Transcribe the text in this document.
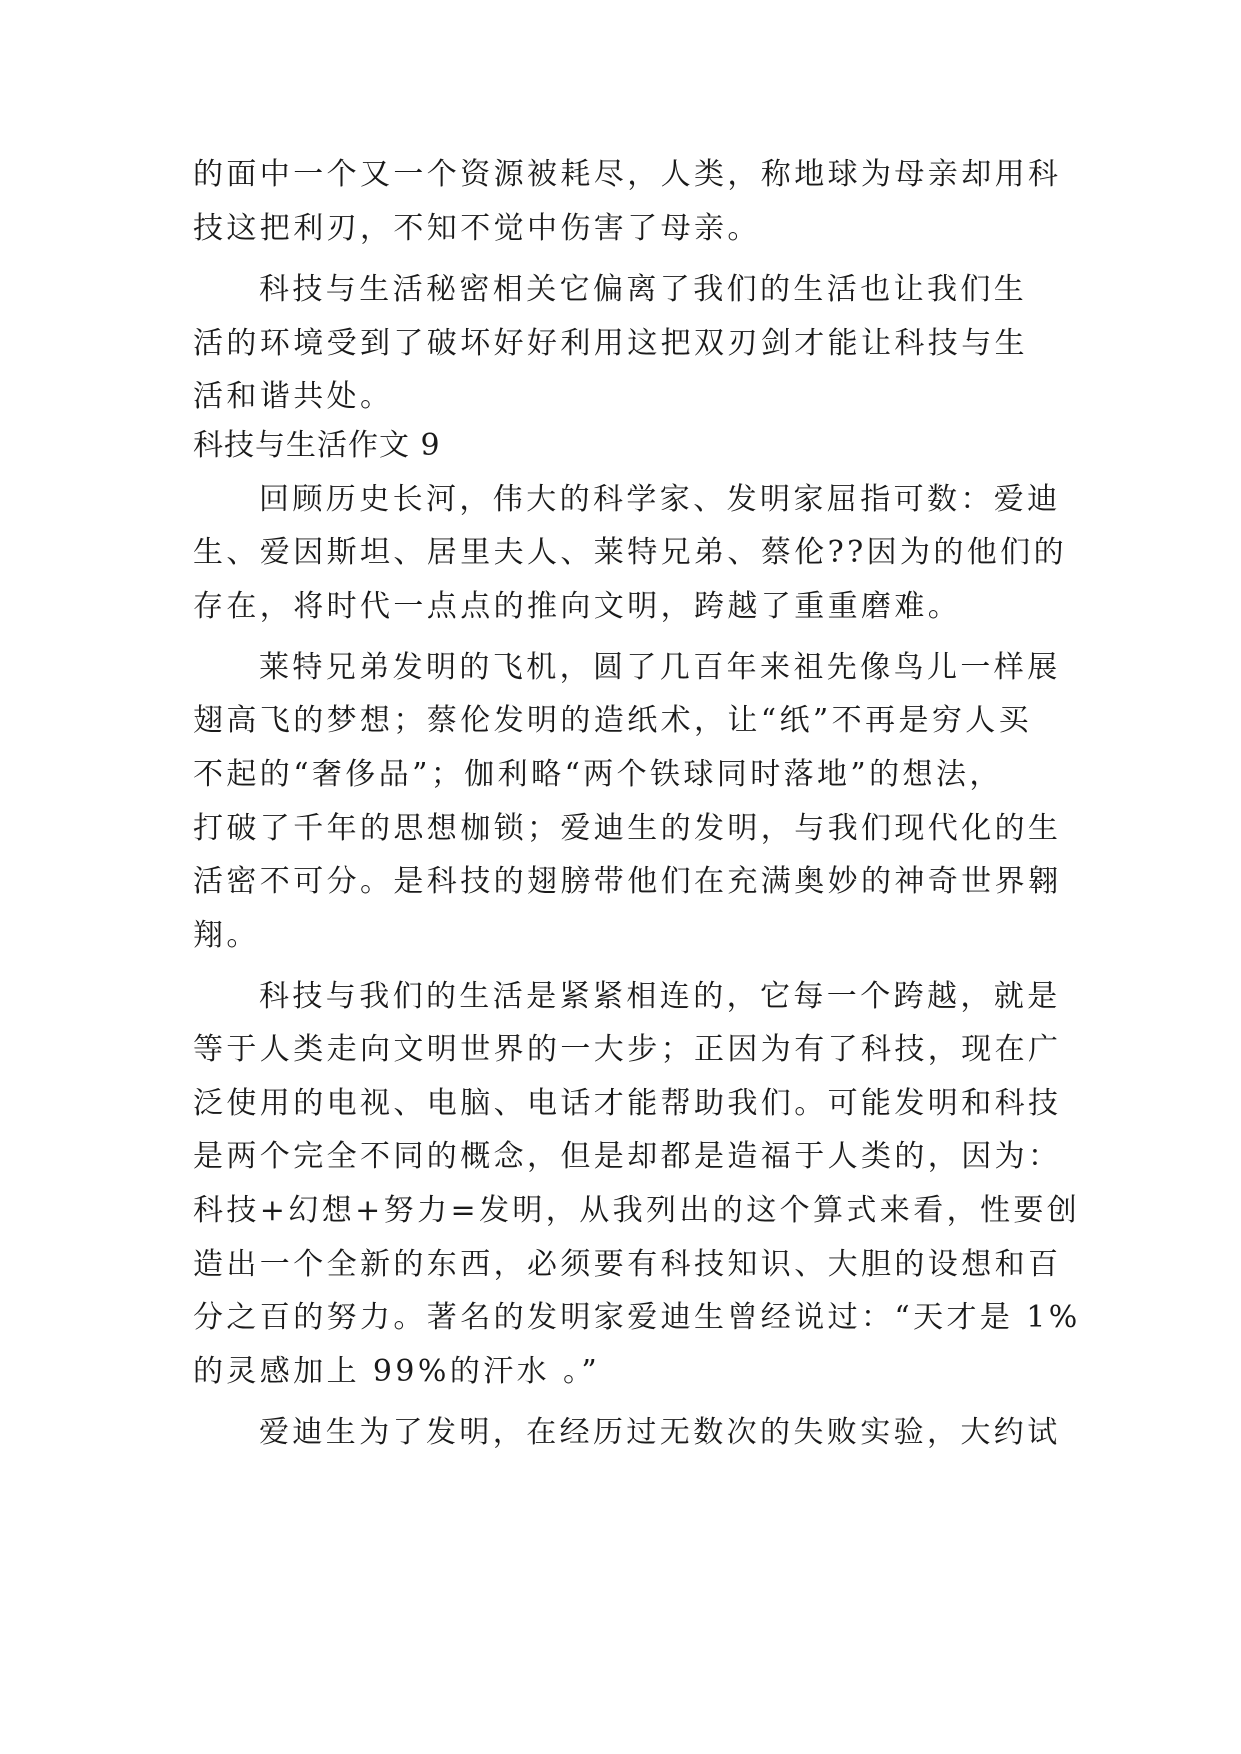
的面中一个又一个资源被耗尽，人类，称地球为母亲却用科
技这把利刃，不知不觉中伤害了母亲。
科技与生活秘密相关它偏离了我们的生活也让我们生
活的环境受到了破坏好好利用这把双刃剑才能让科技与生
活和谐共处。
科技与生活作文 9
回顾历史长河，伟大的科学家、发明家屈指可数：爱迪
生、爱因斯坦、居里夫人、莱特兄弟、蔡伦??因为的他们的
存在，将时代一点点的推向文明，跨越了重重磨难。
莱特兄弟发明的飞机，圆了几百年来祖先像鸟儿一样展
翅高飞的梦想；蔡伦发明的造纸术，让“纸”不再是穷人买
不起的“奢侈品”；伽利略“两个铁球同时落地”的想法，
打破了千年的思想枷锁；爱迪生的发明，与我们现代化的生
活密不可分。是科技的翅膀带他们在充满奥妙的神奇世界翱
翔。
科技与我们的生活是紧紧相连的，它每一个跨越，就是
等于人类走向文明世界的一大步；正因为有了科技，现在广
泛使用的电视、电脑、电话才能帮助我们。可能发明和科技
是两个完全不同的概念，但是却都是造福于人类的，因为：
科技+幻想+努力=发明，从我列出的这个算式来看，性要创
造出一个全新的东西，必须要有科技知识、大胆的设想和百
分之百的努力。著名的发明家爱迪生曾经说过：“天才是 1%
的灵感加上 99%的汗水 。”
爱迪生为了发明，在经历过无数次的失败实验，大约试
